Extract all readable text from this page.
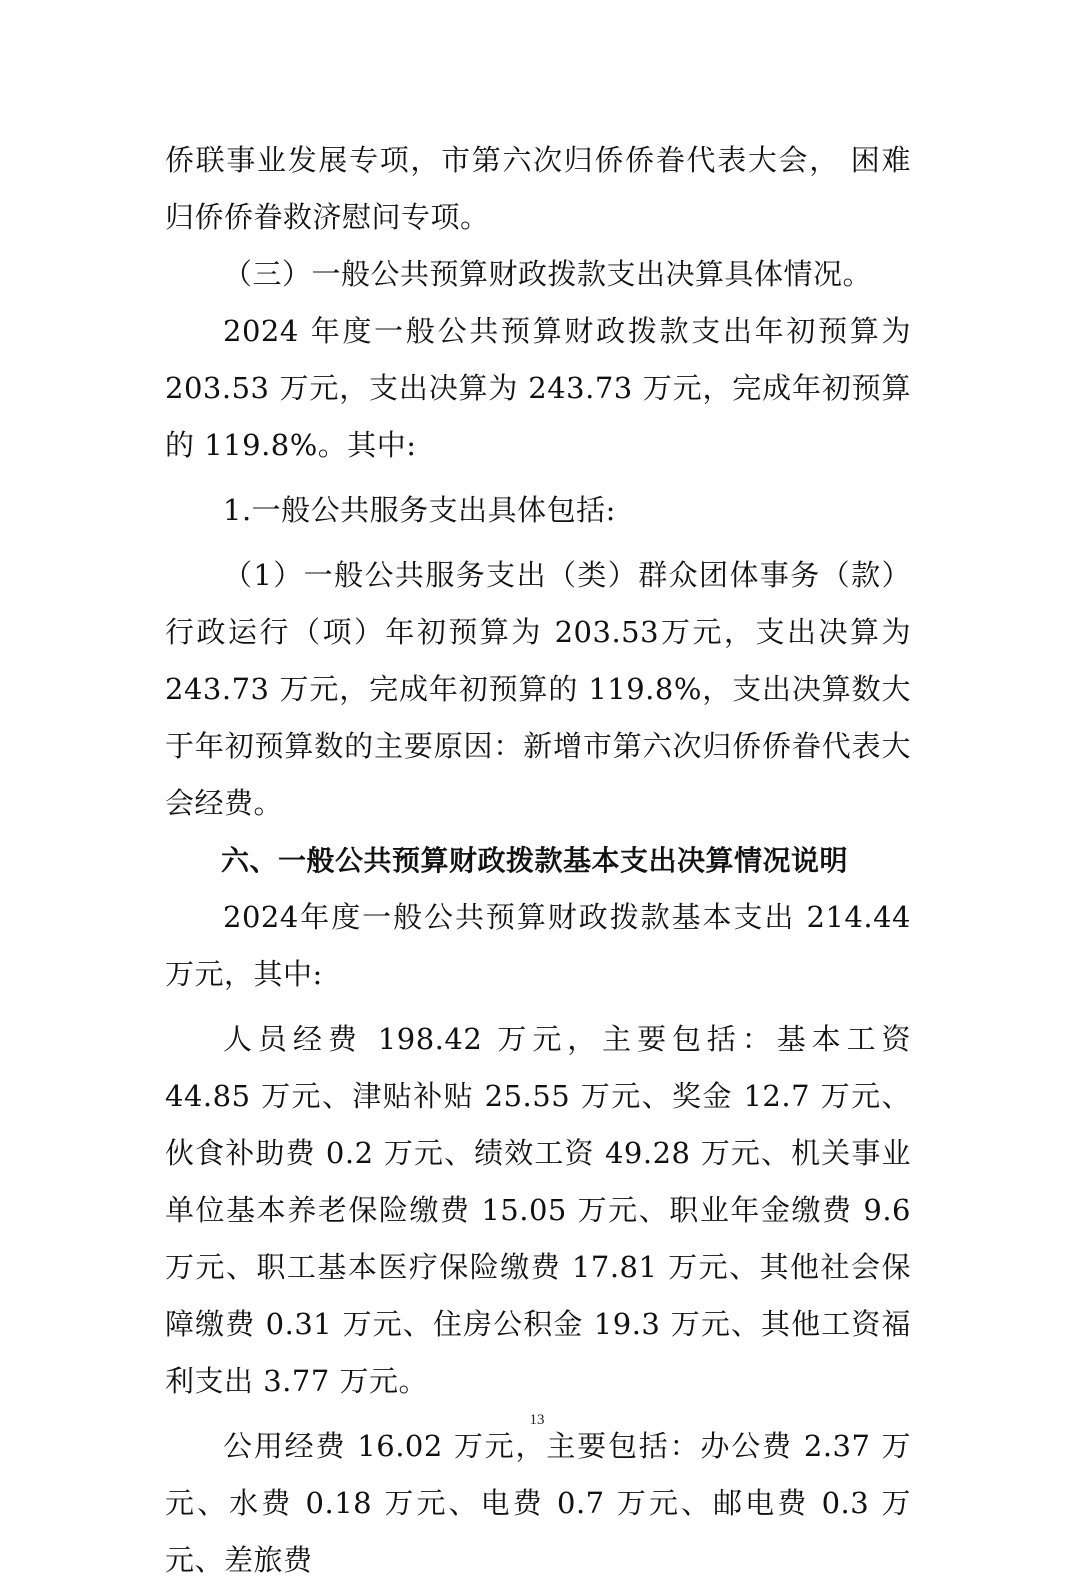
侨联事业发展专项，市第六次归侨侨眷代表大会， 困难归侨侨眷救济慰问专项。

（三）一般公共预算财政拨款支出决算具体情况。

2024 年度一般公共预算财政拨款支出年初预算为 203.53 万元，支出决算为 243.73 万元，完成年初预算的 119.8%。其中:

1.一般公共服务支出具体包括:

（1）一般公共服务支出（类）群众团体事务（款）行政运行（项）年初预算为 203.53万元，支出决算为 243.73 万元，完成年初预算的 119.8%，支出决算数大于年初预算数的主要原因：新增市第六次归侨侨眷代表大会经费。

六、一般公共预算财政拨款基本支出决算情况说明

2024年度一般公共预算财政拨款基本支出 214.44万元，其中:

人员经费 198.42 万元，主要包括：基本工资 44.85 万元、津贴补贴 25.55 万元、奖金 12.7 万元、伙食补助费 0.2 万元、绩效工资 49.28 万元、机关事业单位基本养老保险缴费 15.05 万元、职业年金缴费 9.6 万元、职工基本医疗保险缴费 17.81 万元、其他社会保障缴费 0.31 万元、住房公积金 19.3 万元、其他工资福利支出 3.77 万元。

公用经费 16.02 万元，主要包括：办公费 2.37 万元、水费 0.18 万元、电费 0.7 万元、邮电费 0.3 万元、差旅费

13
